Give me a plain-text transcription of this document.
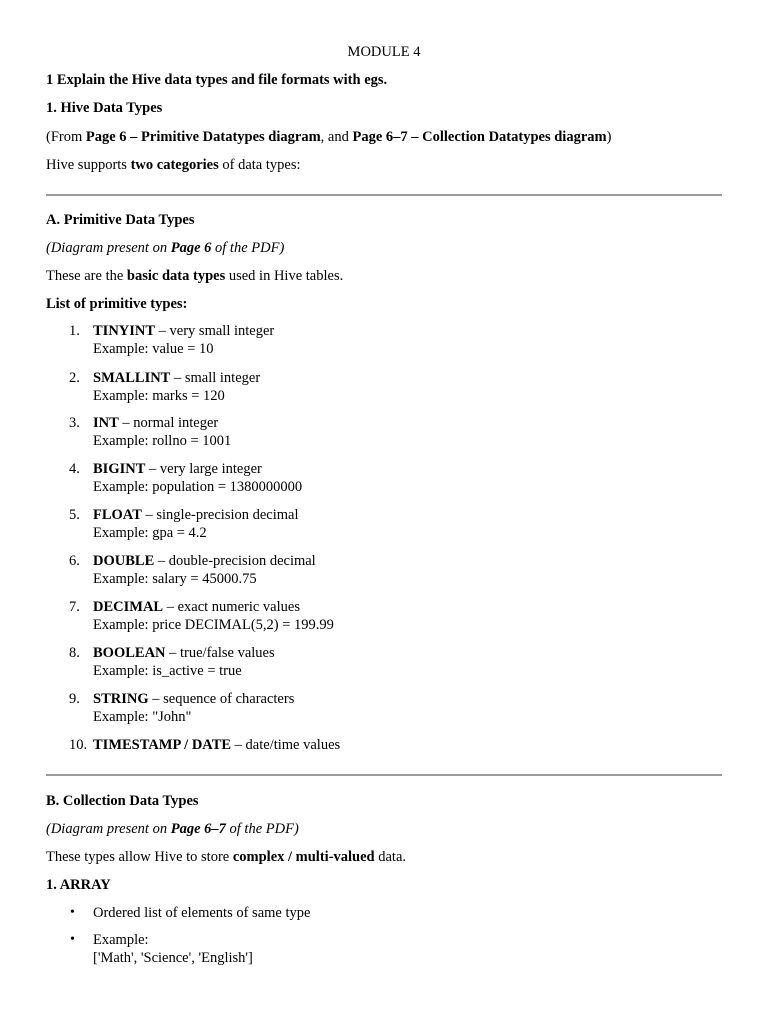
MODULE 4
1 Explain the Hive data types and file formats with egs.
1. Hive Data Types
(From Page 6 – Primitive Datatypes diagram, and Page 6–7 – Collection Datatypes diagram)
Hive supports two categories of data types:
A. Primitive Data Types
(Diagram present on Page 6 of the PDF)
These are the basic data types used in Hive tables.
List of primitive types:
1. TINYINT – very small integer
Example: value = 10
2. SMALLINT – small integer
Example: marks = 120
3. INT – normal integer
Example: rollno = 1001
4. BIGINT – very large integer
Example: population = 1380000000
5. FLOAT – single-precision decimal
Example: gpa = 4.2
6. DOUBLE – double-precision decimal
Example: salary = 45000.75
7. DECIMAL – exact numeric values
Example: price DECIMAL(5,2) = 199.99
8. BOOLEAN – true/false values
Example: is_active = true
9. STRING – sequence of characters
Example: "John"
10. TIMESTAMP / DATE – date/time values
B. Collection Data Types
(Diagram present on Page 6–7 of the PDF)
These types allow Hive to store complex / multi-valued data.
1. ARRAY
• Ordered list of elements of same type
• Example:
['Math', 'Science', 'English']
